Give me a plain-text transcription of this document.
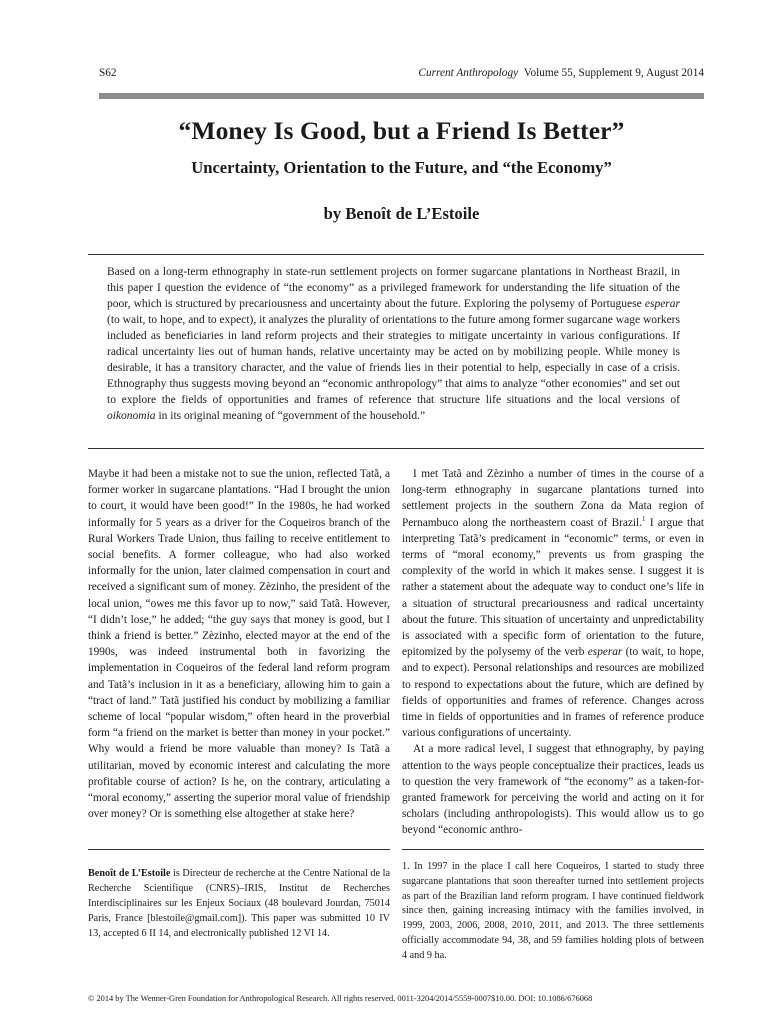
S62	Current Anthropology Volume 55, Supplement 9, August 2014
“Money Is Good, but a Friend Is Better”
Uncertainty, Orientation to the Future, and “the Economy”
by Benoît de L’Estoile
Based on a long-term ethnography in state-run settlement projects on former sugarcane plantations in Northeast Brazil, in this paper I question the evidence of “the economy” as a privileged framework for understanding the life situation of the poor, which is structured by precariousness and uncertainty about the future. Exploring the polysemy of Portuguese esperar (to wait, to hope, and to expect), it analyzes the plurality of orientations to the future among former sugarcane wage workers included as beneficiaries in land reform projects and their strategies to mitigate uncertainty in various configurations. If radical uncertainty lies out of human hands, relative uncertainty may be acted on by mobilizing people. While money is desirable, it has a transitory character, and the value of friends lies in their potential to help, especially in case of a crisis. Ethnography thus suggests moving beyond an “economic anthropology” that aims to analyze “other economies” and set out to explore the fields of opportunities and frames of reference that structure life situations and the local versions of oikonomia in its original meaning of “government of the household.”

Maybe it had been a mistake not to sue the union, reflected Tatã, a former worker in sugarcane plantations. “Had I brought the union to court, it would have been good!” In the 1980s, he had worked informally for 5 years as a driver for the Coqueiros branch of the Rural Workers Trade Union, thus failing to receive entitlement to social benefits. A former colleague, who had also worked informally for the union, later claimed compensation in court and received a significant sum of money. Zèzinho, the president of the local union, “owes me this favor up to now,” said Tatã. However, “I didn’t lose,” he added; “the guy says that money is good, but I think a friend is better.” Zèzinho, elected mayor at the end of the 1990s, was indeed instrumental both in favorizing the implementation in Coqueiros of the federal land reform program and Tatã’s inclusion in it as a beneficiary, allowing him to gain a “tract of land.” Tatã justified his conduct by mobilizing a familiar scheme of local “popular wisdom,” often heard in the proverbial form “a friend on the market is better than money in your pocket.” Why would a friend be more valuable than money? Is Tatã a utilitarian, moved by economic interest and calculating the more profitable course of action? Is he, on the contrary, articulating a “moral economy,” asserting the superior moral value of friendship over money? Or is something else altogether at stake here?

I met Tatã and Zèzinho a number of times in the course of a long-term ethnography in sugarcane plantations turned into settlement projects in the southern Zona da Mata region of Pernambuco along the northeastern coast of Brazil.$^1$ I argue that interpreting Tatã’s predicament in “economic” terms, or even in terms of “moral economy,” prevents us from grasping the complexity of the world in which it makes sense. I suggest it is rather a statement about the adequate way to conduct one’s life in a situation of structural precariousness and radical uncertainty about the future. This situation of uncertainty and unpredictability is associated with a specific form of orientation to the future, epitomized by the polysemy of the verb esperar (to wait, to hope, and to expect). Personal relationships and resources are mobilized to respond to expectations about the future, which are defined by fields of opportunities and frames of reference. Changes across time in fields of opportunities and in frames of reference produce various configurations of uncertainty.

At a more radical level, I suggest that ethnography, by paying attention to the ways people conceptualize their practices, leads us to question the very framework of “the economy” as a taken-for-granted framework for perceiving the world and acting on it for scholars (including anthropologists). This would allow us to go beyond “economic anthro-

Benoît de L’Estoile is Directeur de recherche at the Centre National de la Recherche Scientifique (CNRS)–IRIS, Institut de Recherches Interdisciplinaires sur les Enjeux Sociaux (48 boulevard Jourdan, 75014 Paris, France [blestoile@gmail.com]). This paper was submitted 10 IV 13, accepted 6 II 14, and electronically published 12 VI 14.
1. In 1997 in the place I call here Coqueiros, I started to study three sugarcane plantations that soon thereafter turned into settlement projects as part of the Brazilian land reform program. I have continued fieldwork since then, gaining increasing intimacy with the families involved, in 1999, 2003, 2006, 2008, 2010, 2011, and 2013. The three settlements officially accommodate 94, 38, and 59 families holding plots of between 4 and 9 ha.
© 2014 by The Wenner-Gren Foundation for Anthropological Research. All rights reserved. 0011-3204/2014/5559-0007$10.00. DOI: 10.1086/676068
